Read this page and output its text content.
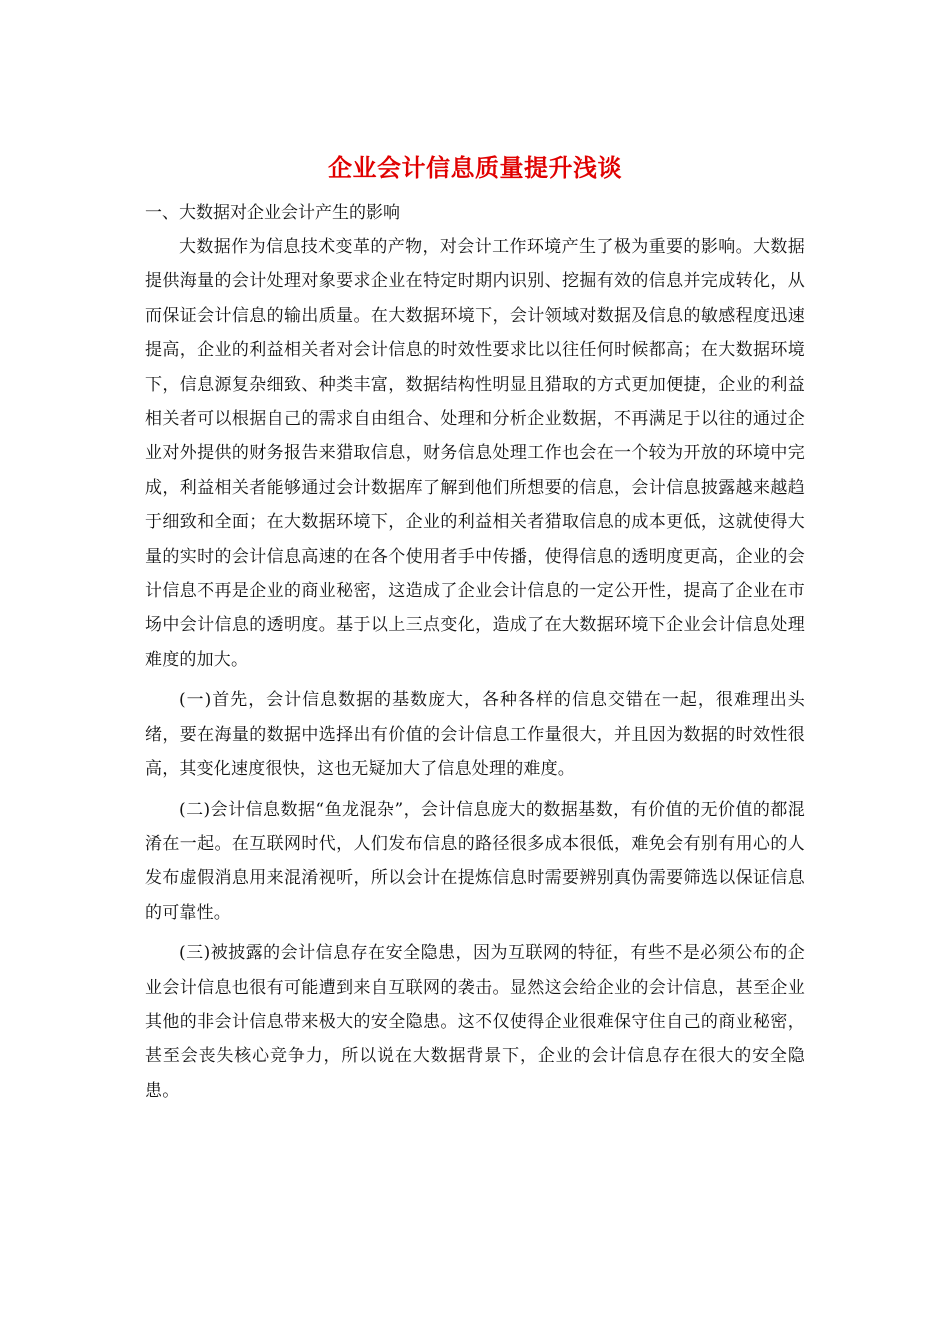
企业会计信息质量提升浅谈

一、大数据对企业会计产生的影响

大数据作为信息技术变革的产物，对会计工作环境产生了极为重要的影响。大数据提供海量的会计处理对象要求企业在特定时期内识别、挖掘有效的信息并完成转化，从而保证会计信息的输出质量。在大数据环境下，会计领域对数据及信息的敏感程度迅速提高，企业的利益相关者对会计信息的时效性要求比以往任何时候都高；在大数据环境下，信息源复杂细致、种类丰富，数据结构性明显且猎取的方式更加便捷，企业的利益相关者可以根据自己的需求自由组合、处理和分析企业数据，不再满足于以往的通过企业对外提供的财务报告来猎取信息，财务信息处理工作也会在一个较为开放的环境中完成，利益相关者能够通过会计数据库了解到他们所想要的信息，会计信息披露越来越趋于细致和全面；在大数据环境下，企业的利益相关者猎取信息的成本更低，这就使得大量的实时的会计信息高速的在各个使用者手中传播，使得信息的透明度更高，企业的会计信息不再是企业的商业秘密，这造成了企业会计信息的一定公开性，提高了企业在市场中会计信息的透明度。基于以上三点变化，造成了在大数据环境下企业会计信息处理难度的加大。

(一)首先，会计信息数据的基数庞大，各种各样的信息交错在一起，很难理出头绪，要在海量的数据中选择出有价值的会计信息工作量很大，并且因为数据的时效性很高，其变化速度很快，这也无疑加大了信息处理的难度。

(二)会计信息数据“鱼龙混杂”，会计信息庞大的数据基数，有价值的无价值的都混淆在一起。在互联网时代，人们发布信息的路径很多成本很低，难免会有别有用心的人发布虚假消息用来混淆视听，所以会计在提炼信息时需要辨别真伪需要筛选以保证信息的可靠性。

(三)被披露的会计信息存在安全隐患，因为互联网的特征，有些不是必须公布的企业会计信息也很有可能遭到来自互联网的袭击。显然这会给企业的会计信息，甚至企业其他的非会计信息带来极大的安全隐患。这不仅使得企业很难保守住自己的商业秘密，甚至会丧失核心竞争力，所以说在大数据背景下，企业的会计信息存在很大的安全隐患。
